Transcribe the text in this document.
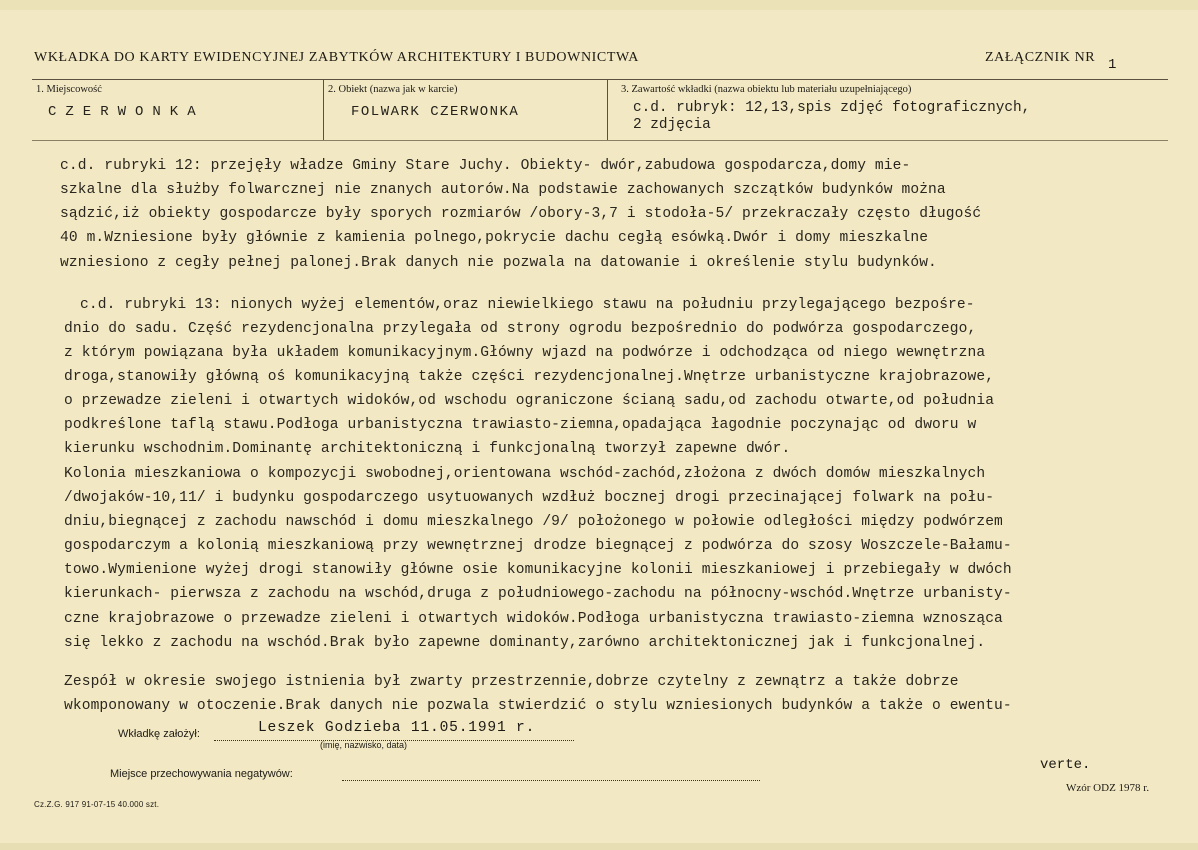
WKŁADKA DO KARTY EWIDENCYJNEJ ZABYTKÓW ARCHITEKTURY I BUDOWNICTWA	ZAŁĄCZNIK NR 1
1. Miejscowość
CZERWONKA
2. Obiekt (nazwa jak w karcie)
FOLWARK CZERWONKA
3. Zawartość wkładki (nazwa obiektu lub materiału uzupełniającego)
c.d. rubryk: 12,13,spis zdjęć fotograficznych,
2 zdjęcia
c.d. rubryki 12: przejęły władze Gminy Stare Juchy. Obiekty- dwór,zabudowa gospodarcza,domy mie-
szkalne dla służby folwarcznej nie znanych autorów.Na podstawie zachowanych szczątków budynków można
sądzić,iż obiekty gospodarcze były sporych rozmiarów /obory-3,7 i stodoła-5/ przekraczały często długość
40 m.Wzniesione były głównie z kamienia polnego,pokrycie dachu cegłą esówką.Dwór i domy mieszkalne
wzniesiono z cegły pełnej palonej.Brak danych nie pozwala na datowanie i określenie stylu budynków.
c.d. rubryki 13: nionych wyżej elementów,oraz niewielkiego stawu na południu przylegającego bezpośre-
dnio do sadu. Część rezydencjonalna przylegała od strony ogrodu bezpośrednio do podwórza gospodarczego,
z którym powiązana była układem komunikacyjnym.Główny wjazd na podwórze i odchodząca od niego wewnętrzna
droga,stanowiły główną oś komunikacyjną także części rezydencjonalnej.Wnętrze urbanistyczne krajobrazowe,
o przewadze zieleni i otwartych widoków,od wschodu ograniczone ścianą sadu,od zachodu otwarte,od południa
podkreślone taflą stawu.Podłoga urbanistyczna trawiasto-ziemna,opadająca łagodnie poczynając od dworu w
kierunku wschodnim.Dominantę architektoniczną i funkcjonalną tworzył zapewne dwór.
Kolonia mieszkaniowa o kompozycji swobodnej,orientowana wschód-zachód,złożona z dwóch domów mieszkalnych
/dwojaków-10,11/ i budynku gospodarczego usytuowanych wzdłuż bocznej drogi przecinającej folwark na połu-
dniu,biegnącej z zachodu nawschód i domu mieszkalnego /9/ położonego w połowie odległości między podwórzem
gospodarczym a kolonią mieszkaniową przy wewnętrznej drodze biegnącej z podwórza do szosy Woszczele-Bałamu-
towo.Wymienione wyżej drogi stanowiły główne osie komunikacyjne kolonii mieszkaniowej i przebiegały w dwóch
kierunkach- pierwsza z zachodu na wschód,druga z południowego-zachodu na północny-wschód.Wnętrze urbanisty-
czne krajobrazowe o przewadze zieleni i otwartych widoków.Podłoga urbanistyczna trawiasto-ziemna wznosząca
się lekko z zachodu na wschód.Brak było zapewne dominanty,zarówno architektonicznej jak i funkcjonalnej.
Zespół w okresie swojego istnienia był zwarty przestrzennie,dobrze czytelny z zewnątrz a także dobrze
wkomponowany w otoczenie.Brak danych nie pozwala stwierdzić o stylu wzniesionych budynków a także o ewentu-
Wkładkę założył:	Leszek Godzieba 11.05.1991 r.
(imię, nazwisko, data)
verte.
Miejsce przechowywania negatywów:
Wzór ODZ 1978 r.
Cz.Z.G. 917 91-07-15 40.000 szt.
